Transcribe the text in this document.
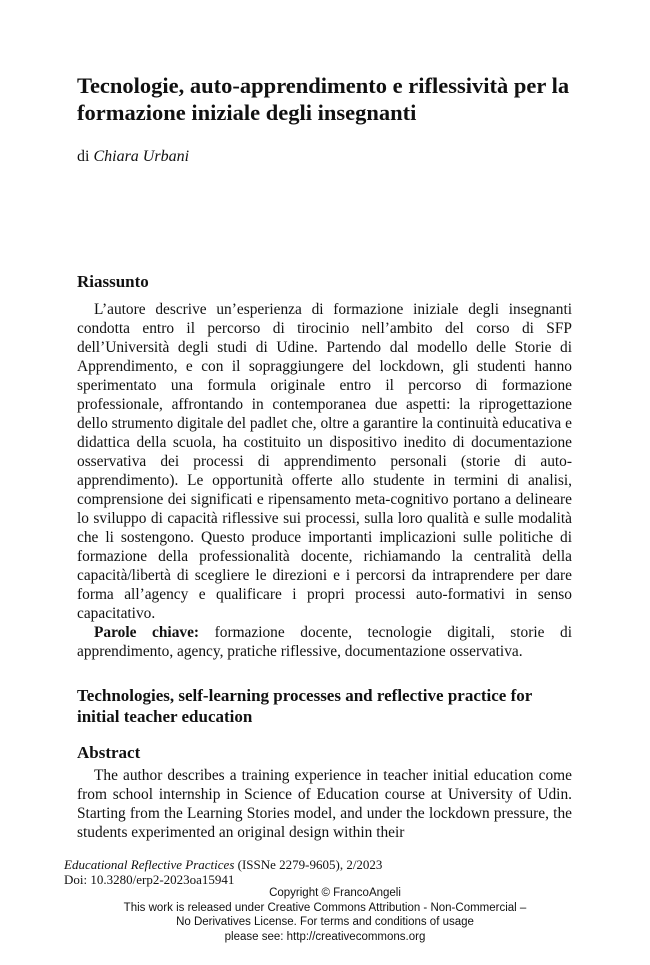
Tecnologie, auto-apprendimento e riflessività per la formazione iniziale degli insegnanti

di Chiara Urbani

Riassunto

L’autore descrive un’esperienza di formazione iniziale degli insegnanti condotta entro il percorso di tirocinio nell’ambito del corso di SFP dell’Università degli studi di Udine. Partendo dal modello delle Storie di Apprendimento, e con il sopraggiungere del lockdown, gli studenti hanno sperimentato una formula originale entro il percorso di formazione professionale, affrontando in contemporanea due aspetti: la riprogettazione dello strumento digitale del padlet che, oltre a garantire la continuità educativa e didattica della scuola, ha costituito un dispositivo inedito di documentazione osservativa dei processi di apprendimento personali (storie di auto- apprendimento). Le opportunità offerte allo studente in termini di analisi, comprensione dei significati e ripensamento meta-cognitivo portano a delineare lo sviluppo di capacità riflessive sui processi, sulla loro qualità e sulle modalità che li sostengono. Questo produce importanti implicazioni sulle politiche di formazione della professionalità docente, richiamando la centralità della capacità/libertà di scegliere le direzioni e i percorsi da intraprendere per dare forma all’agency e qualificare i propri processi auto-formativi in senso capacitativo.

Parole chiave: formazione docente, tecnologie digitali, storie di apprendimento, agency, pratiche riflessive, documentazione osservativa.

Technologies, self-learning processes and reflective practice for initial teacher education
Abstract

The author describes a training experience in teacher initial education come from school internship in Science of Education course at University of Udin. Starting from the Learning Stories model, and under the lockdown pressure, the students experimented an original design within their

Educational Reflective Practices (ISSNe 2279-9605), 2/2023
Doi: 10.3280/erp2-2023oa15941
Copyright © FrancoAngeli
This work is released under Creative Commons Attribution - Non-Commercial –
No Derivatives License. For terms and conditions of usage
please see: http://creativecommons.org
